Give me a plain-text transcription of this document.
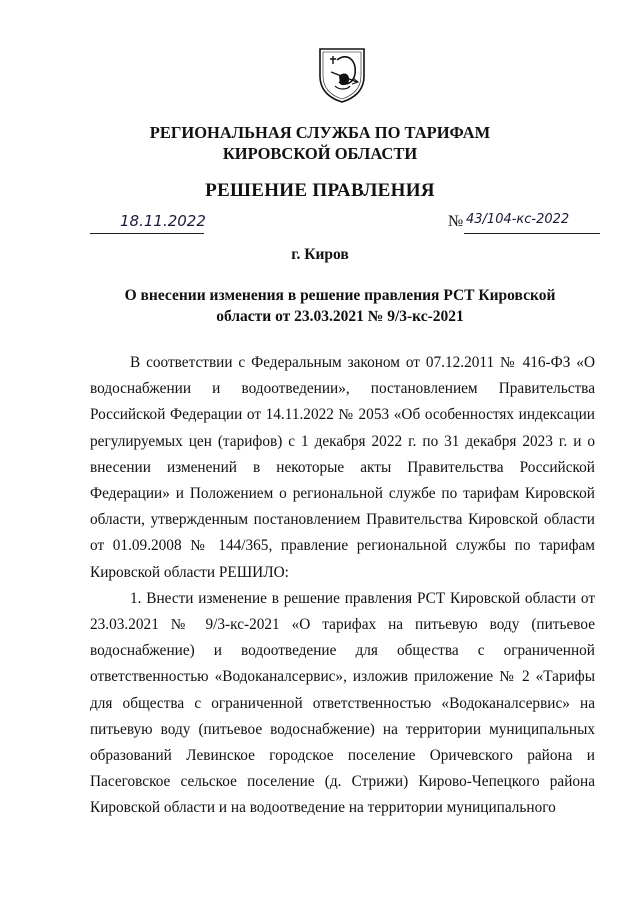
РЕГИОНАЛЬНАЯ СЛУЖБА ПО ТАРИФАМ
КИРОВСКОЙ ОБЛАСТИ
РЕШЕНИЕ ПРАВЛЕНИЯ
18.11.2022	№ 43/104-кс-2022
г. Киров
О внесении изменения в решение правления РСТ Кировской области от 23.03.2021 № 9/3-кс-2021

В соответствии с Федеральным законом от 07.12.2011 № 416-ФЗ «О водоснабжении и водоотведении», постановлением Правительства Российской Федерации от 14.11.2022 № 2053 «Об особенностях индексации регулируемых цен (тарифов) с 1 декабря 2022 г. по 31 декабря 2023 г. и о внесении изменений в некоторые акты Правительства Российской Федерации» и Положением о региональной службе по тарифам Кировской области, утвержденным постановлением Правительства Кировской области от 01.09.2008 № 144/365, правление региональной службы по тарифам Кировской области РЕШИЛО:

1. Внести изменение в решение правления РСТ Кировской области от 23.03.2021 № 9/3-кс-2021 «О тарифах на питьевую воду (питьевое водоснабжение) и водоотведение для общества с ограниченной ответственностью «Водоканалсервис», изложив приложение № 2 «Тарифы для общества с ограниченной ответственностью «Водоканалсервис» на питьевую воду (питьевое водоснабжение) на территории муниципальных образований Левинское городское поселение Оричевского района и Пасеговское сельское поселение (д. Стрижи) Кирово-Чепецкого района Кировской области и на водоотведение на территории муниципального
